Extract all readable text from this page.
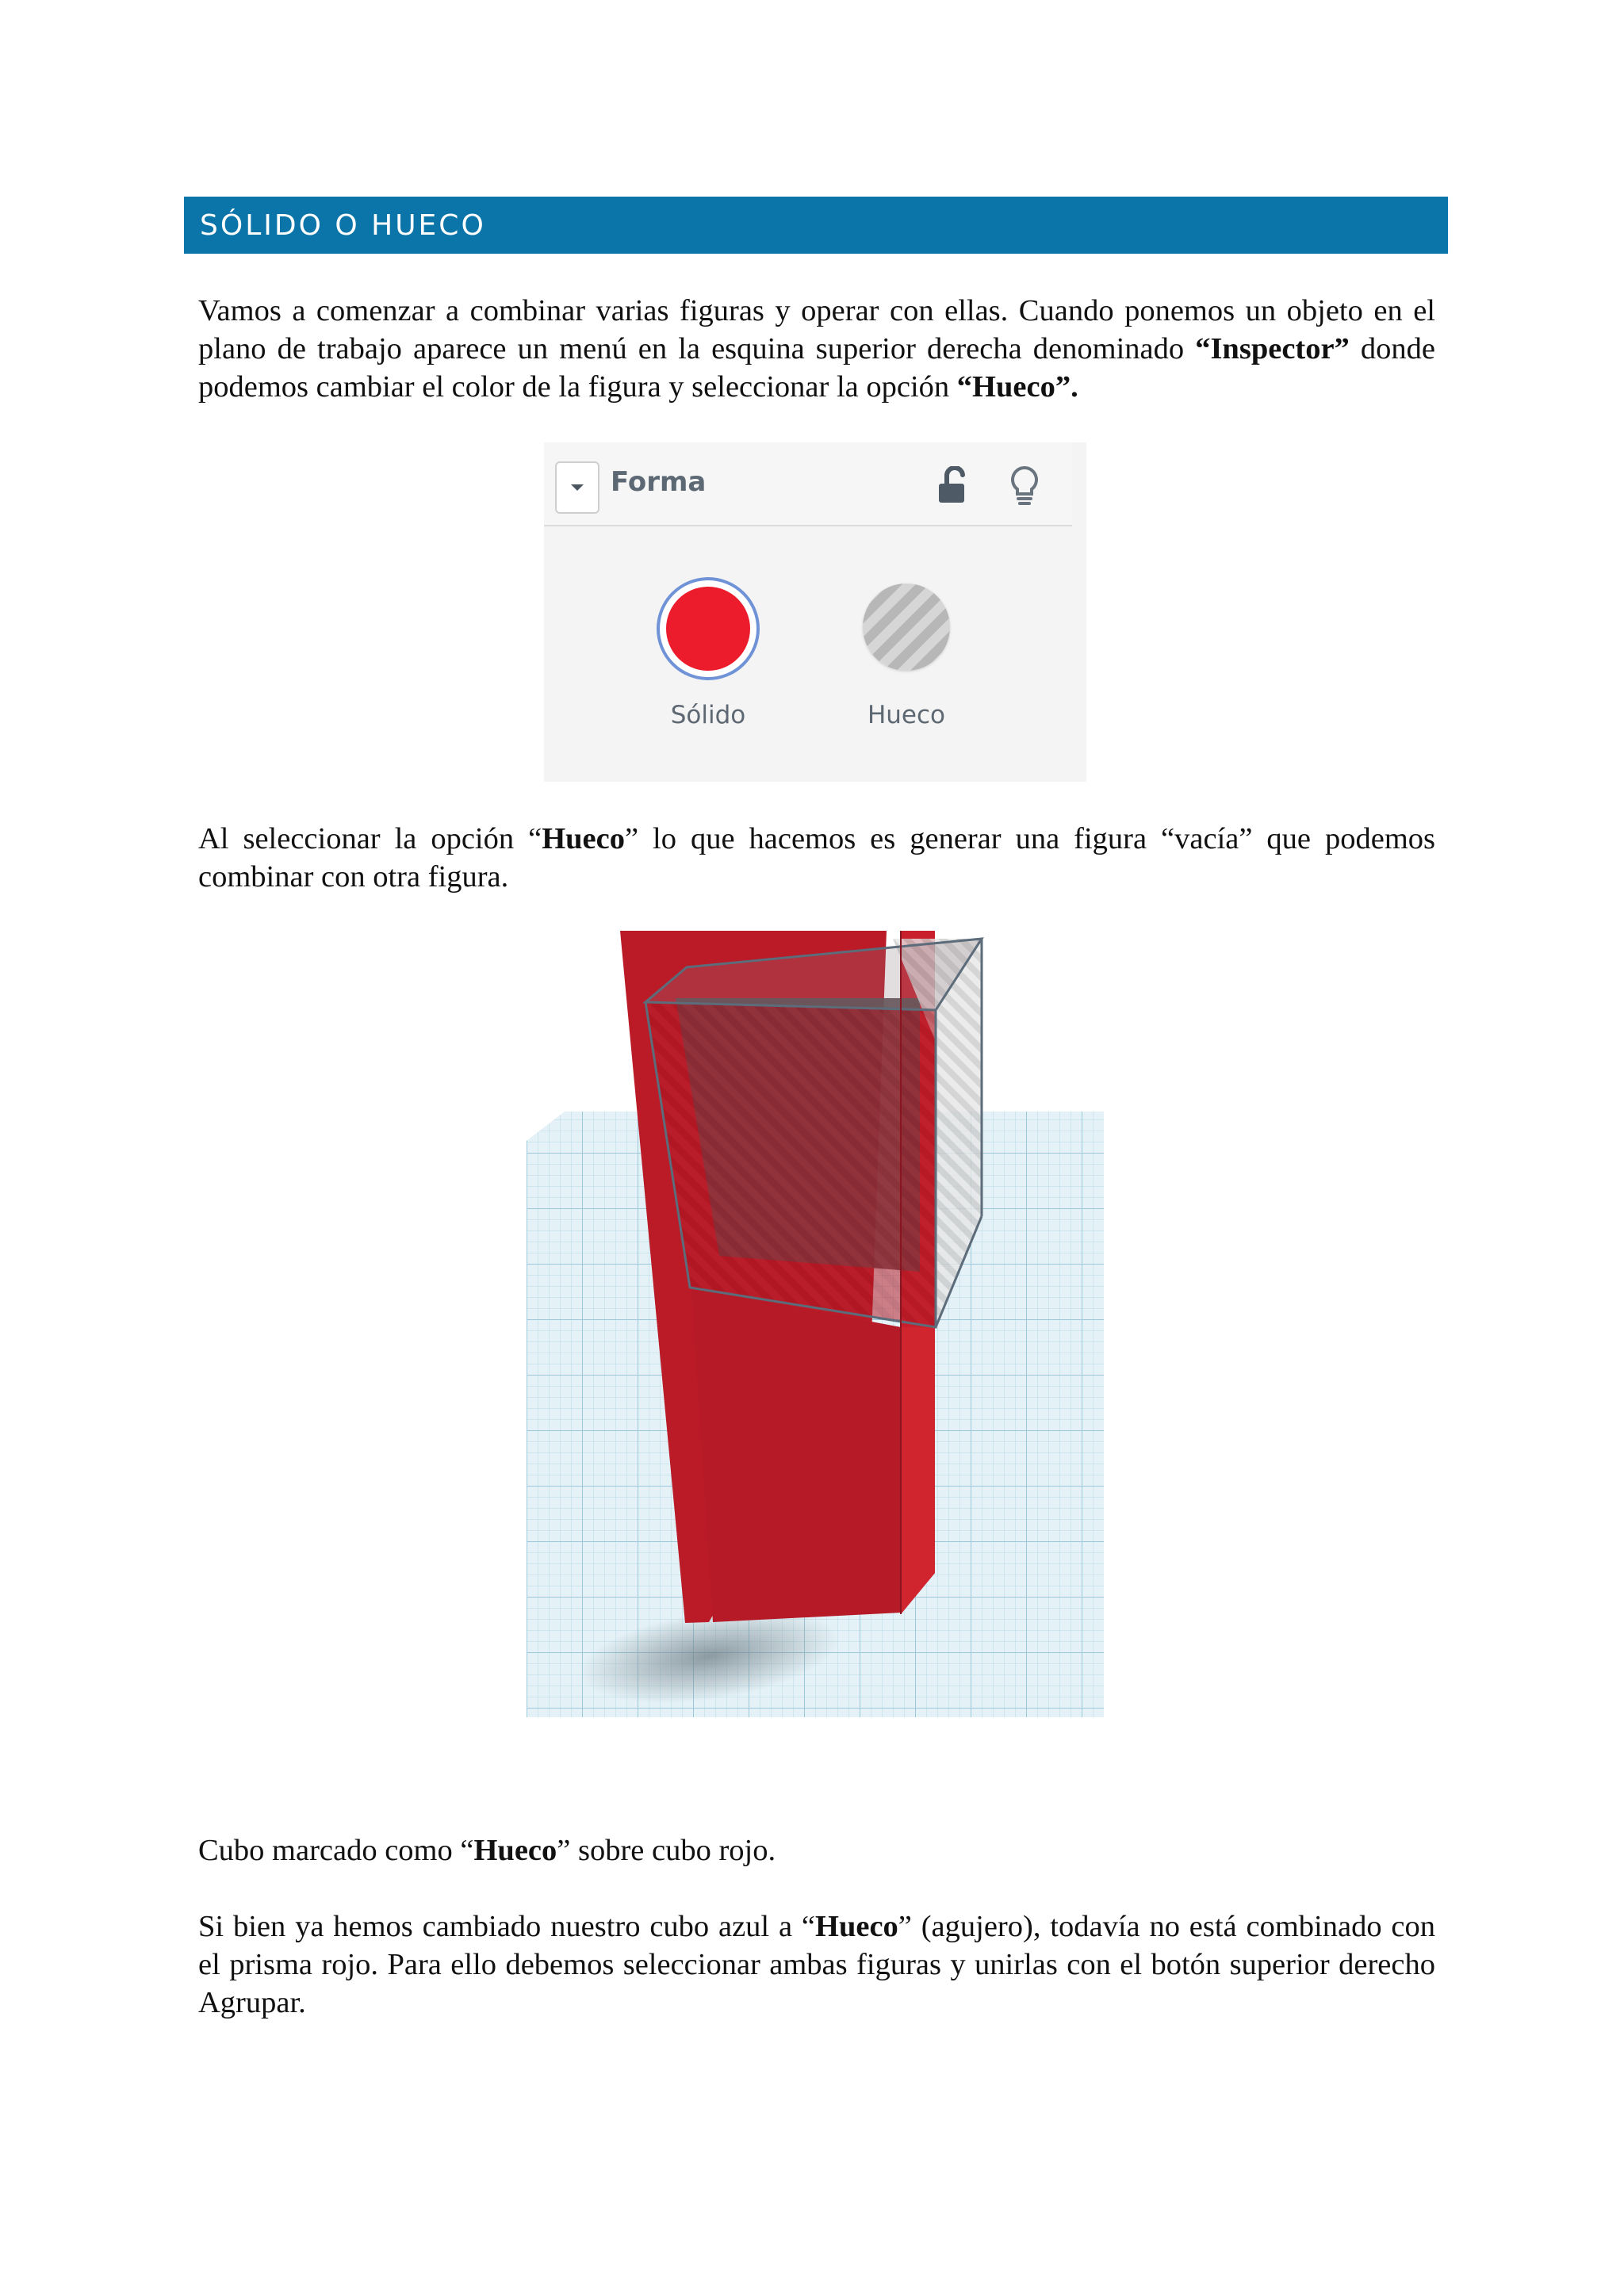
SÓLIDO O HUECO

Vamos a comenzar a combinar varias figuras y operar con ellas. Cuando ponemos un objeto en el plano de trabajo aparece un menú en la esquina superior derecha denominado “Inspector” donde podemos cambiar el color de la figura y seleccionar la opción “Hueco”.

Forma
Sólido	Hueco

Al seleccionar la opción “Hueco” lo que hacemos es generar una figura “vacía” que podemos combinar con otra figura.

Cubo marcado como “Hueco” sobre cubo rojo.

Si bien ya hemos cambiado nuestro cubo azul a “Hueco” (agujero), todavía no está combinado con el prisma rojo. Para ello debemos seleccionar ambas figuras y unirlas con el botón superior derecho Agrupar.
